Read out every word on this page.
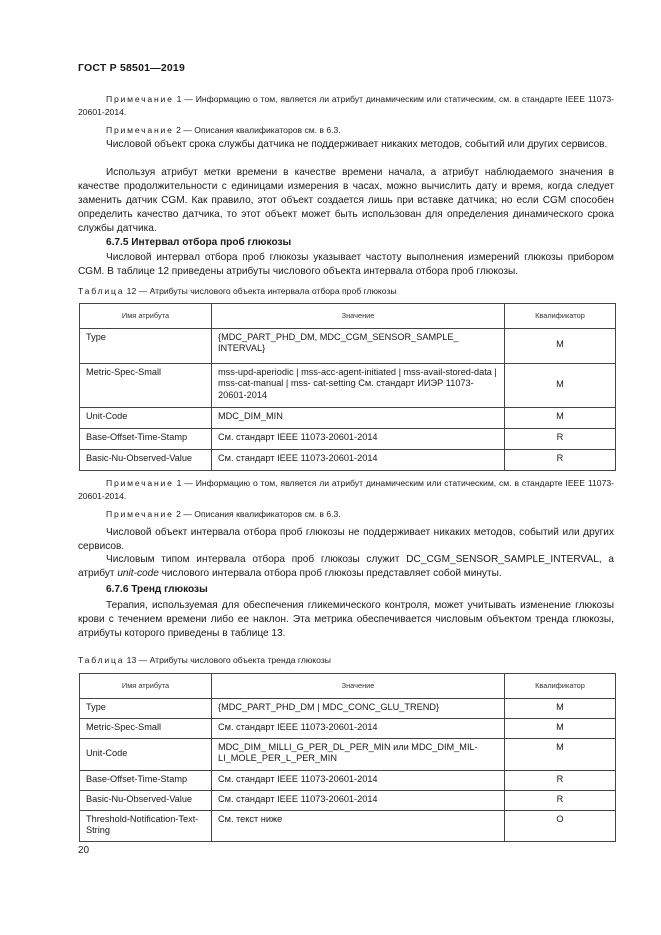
ГОСТ Р 58501—2019
Примечание 1 — Информацию о том, является ли атрибут динамическим или статическим, см. в стандарте IEEE 11073-20601-2014.
Примечание 2 — Описания квалификаторов см. в 6.3.
Числовой объект срока службы датчика не поддерживает никаких методов, событий или других сервисов.
Используя атрибут метки времени в качестве времени начала, а атрибут наблюдаемого значения в качестве продолжительности с единицами измерения в часах, можно вычислить дату и время, когда следует заменить датчик CGM. Как правило, этот объект создается лишь при вставке датчика; но если CGM способен определить качество датчика, то этот объект может быть использован для определения динамического срока службы датчика.
6.7.5 Интервал отбора проб глюкозы
Числовой интервал отбора проб глюкозы указывает частоту выполнения измерений глюкозы прибором CGM. В таблице 12 приведены атрибуты числового объекта интервала отбора проб глюкозы.
Таблица 12 — Атрибуты числового объекта интервала отбора проб глюкозы
Имя атрибута	Значение	Квалификатор
Type	{MDC_PART_PHD_DM, MDC_CGM_SENSOR_SAMPLE_ INTERVAL}	M
Metric-Spec-Small	mss-upd-aperiodic | mss-acc-agent-initiated | mss-avail-stored-data | mss-cat-manual | mss- cat-setting См. стандарт ИИЭР 11073-20601-2014	M
Unit-Code	MDC_DIM_MIN	M
Base-Offset-Time-Stamp	См. стандарт IEEE 11073-20601-2014	R
Basic-Nu-Observed-Value	См. стандарт IEEE 11073-20601-2014	R
Примечание 1 — Информацию о том, является ли атрибут динамическим или статическим, см. в стандарте IEEE 11073-20601-2014.
Примечание 2 — Описания квалификаторов см. в 6.3.
Числовой объект интервала отбора проб глюкозы не поддерживает никаких методов, событий или других сервисов.
Числовым типом интервала отбора проб глюкозы служит DC_CGM_SENSOR_SAMPLE_INTERVAL, а атрибут unit-code числового интервала отбора проб глюкозы представляет собой минуты.
6.7.6 Тренд глюкозы
Терапия, используемая для обеспечения гликемического контроля, может учитывать изменение глюкозы крови с течением времени либо ее наклон. Эта метрика обеспечивается числовым объектом тренда глюкозы, атрибуты которого приведены в таблице 13.
Таблица 13 — Атрибуты числового объекта тренда глюкозы
Имя атрибута	Значение	Квалификатор
Type	{MDC_PART_PHD_DM | MDC_CONC_GLU_TREND}	M
Metric-Spec-Small	См. стандарт IEEE 11073-20601-2014	M
Unit-Code	MDC_DIM_ MILLI_G_PER_DL_PER_MIN или MDC_DIM_MILLI_MOLE_PER_L_PER_MIN	M
Base-Offset-Time-Stamp	См. стандарт IEEE 11073-20601-2014	R
Basic-Nu-Observed-Value	См. стандарт IEEE 11073-20601-2014	R
Threshold-Notification-Text-String	См. текст ниже	O
20
